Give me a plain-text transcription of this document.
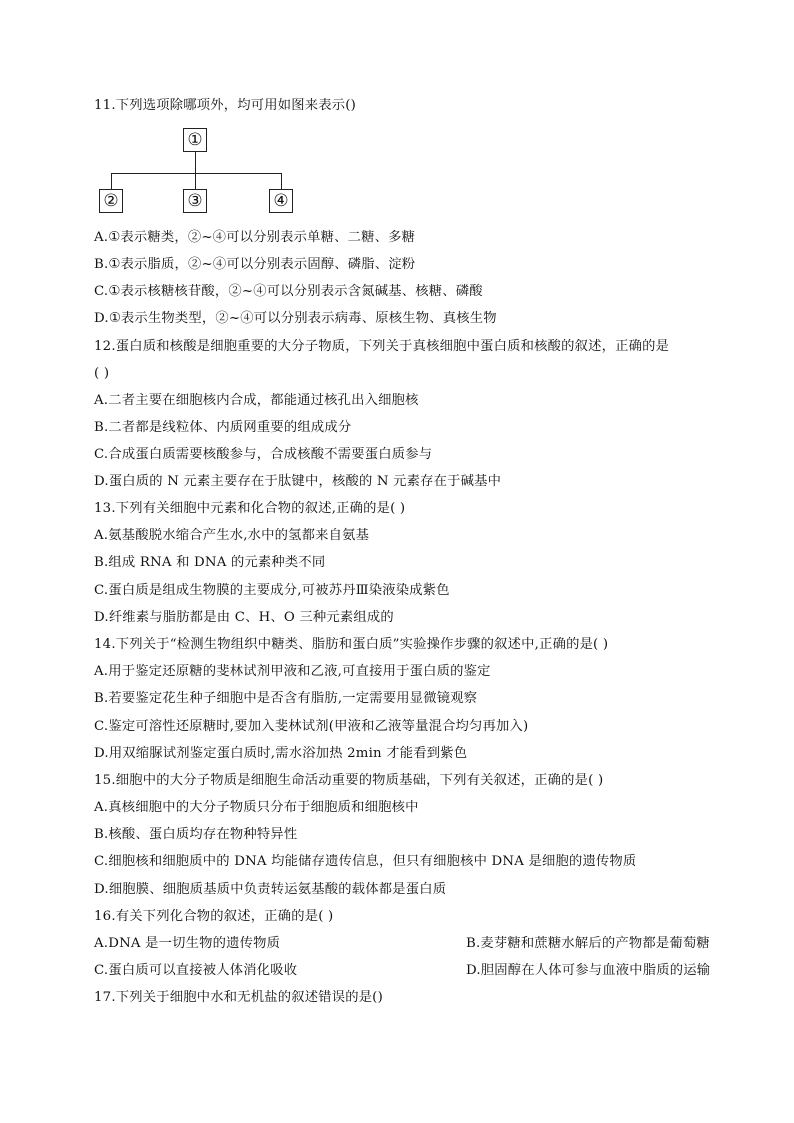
11.下列选项除哪项外，均可用如图来表示()
①
②	③	④
A.①表示糖类，②~④可以分别表示单糖、二糖、多糖
B.①表示脂质，②~④可以分别表示固醇、磷脂、淀粉
C.①表示核糖核苷酸，②~④可以分别表示含氮碱基、核糖、磷酸
D.①表示生物类型，②~④可以分别表示病毒、原核生物、真核生物
12.蛋白质和核酸是细胞重要的大分子物质，下列关于真核细胞中蛋白质和核酸的叙述，正确的是
( )
A.二者主要在细胞核内合成，都能通过核孔出入细胞核
B.二者都是线粒体、内质网重要的组成成分
C.合成蛋白质需要核酸参与，合成核酸不需要蛋白质参与
D.蛋白质的 N 元素主要存在于肽键中，核酸的 N 元素存在于碱基中
13.下列有关细胞中元素和化合物的叙述,正确的是( )
A.氨基酸脱水缩合产生水,水中的氢都来自氨基
B.组成 RNA 和 DNA 的元素种类不同
C.蛋白质是组成生物膜的主要成分,可被苏丹Ⅲ染液染成紫色
D.纤维素与脂肪都是由 C、H、O 三种元素组成的
14.下列关于“检测生物组织中糖类、脂肪和蛋白质”实验操作步骤的叙述中,正确的是( )
A.用于鉴定还原糖的斐林试剂甲液和乙液,可直接用于蛋白质的鉴定
B.若要鉴定花生种子细胞中是否含有脂肪,一定需要用显微镜观察
C.鉴定可溶性还原糖时,要加入斐林试剂(甲液和乙液等量混合均匀再加入)
D.用双缩脲试剂鉴定蛋白质时,需水浴加热 2min 才能看到紫色
15.细胞中的大分子物质是细胞生命活动重要的物质基础，下列有关叙述，正确的是( )
A.真核细胞中的大分子物质只分布于细胞质和细胞核中
B.核酸、蛋白质均存在物种特异性
C.细胞核和细胞质中的 DNA 均能储存遗传信息，但只有细胞核中 DNA 是细胞的遗传物质
D.细胞膜、细胞质基质中负责转运氨基酸的载体都是蛋白质
16.有关下列化合物的叙述，正确的是( )
A.DNA 是一切生物的遗传物质	B.麦芽糖和蔗糖水解后的产物都是葡萄糖
C.蛋白质可以直接被人体消化吸收	D.胆固醇在人体可参与血液中脂质的运输
17.下列关于细胞中水和无机盐的叙述错误的是()
